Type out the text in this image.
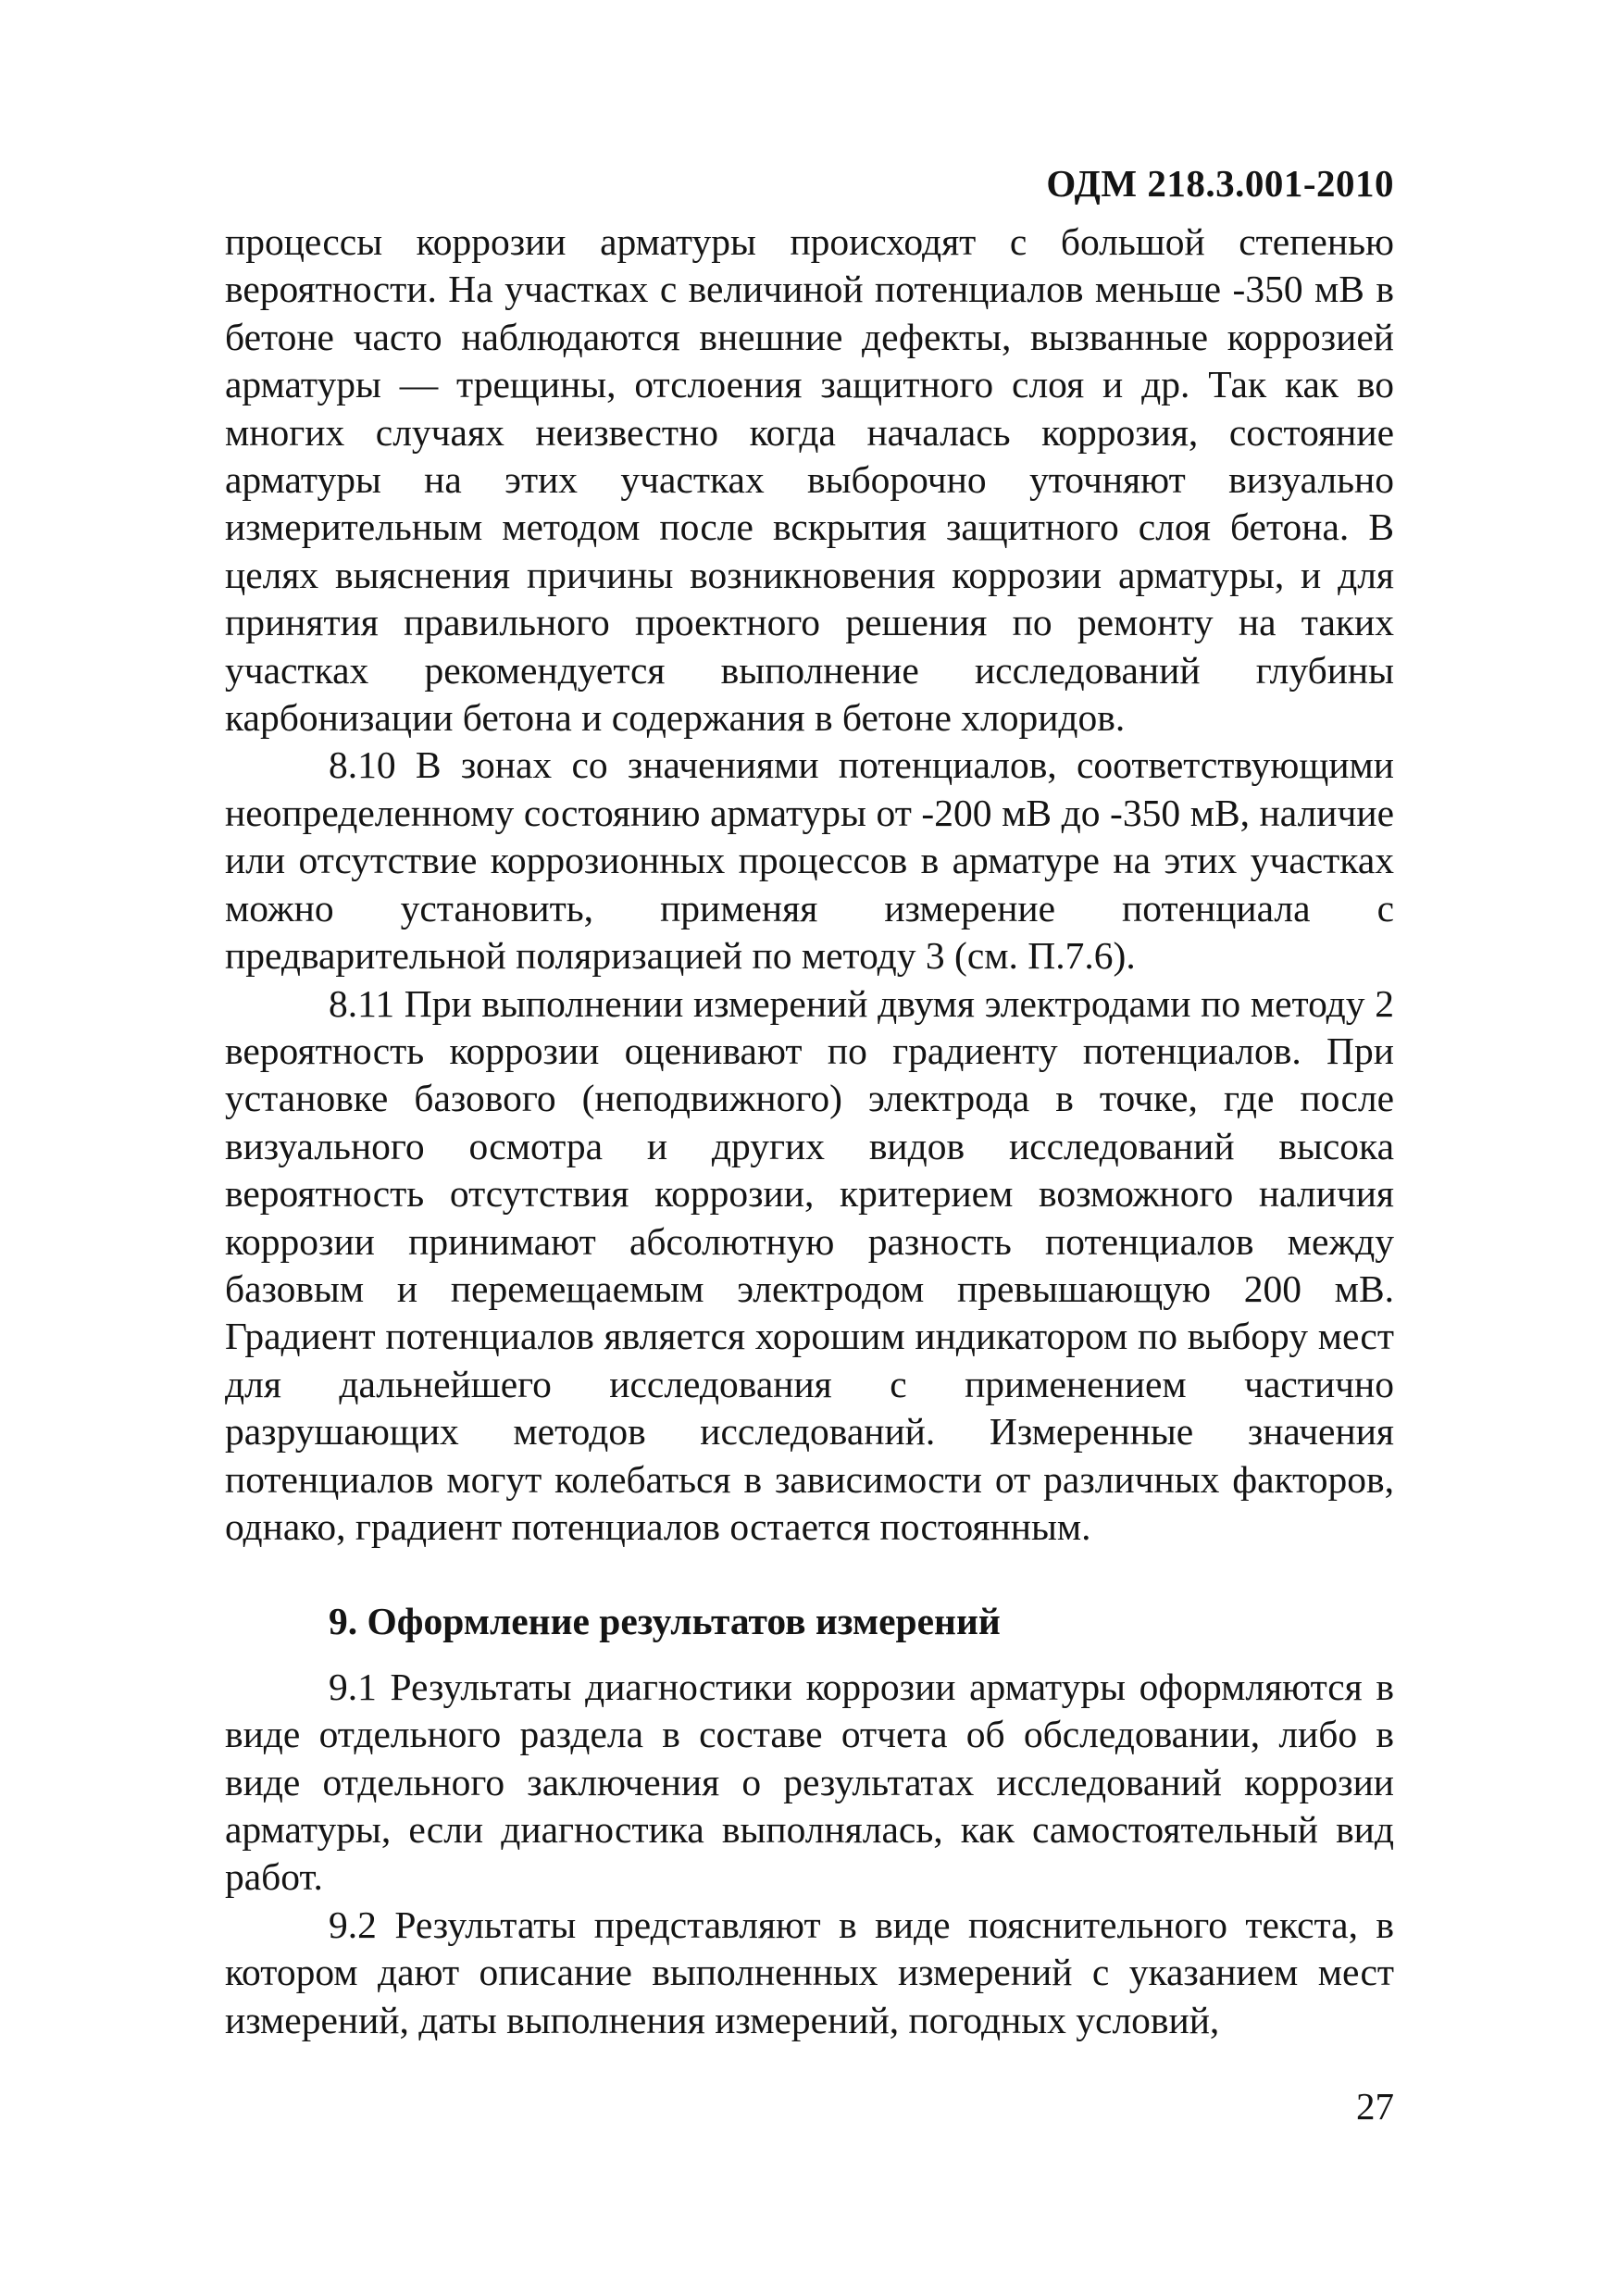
ОДМ 218.3.001-2010

процессы коррозии арматуры происходят с большой степенью вероятности. На участках с величиной потенциалов меньше -350 мВ в бетоне часто наблюдаются внешние дефекты, вызванные коррозией арматуры — трещины, отслоения защитного слоя и др. Так как во многих случаях неизвестно когда началась коррозия, состояние арматуры на этих участках выборочно уточняют визуально измерительным методом после вскрытия защитного слоя бетона. В целях выяснения причины возникновения коррозии арматуры, и для принятия правильного проектного решения по ремонту на таких участках рекомендуется выполнение исследований глубины карбонизации бетона и содержания в бетоне хлоридов.

8.10 В зонах со значениями потенциалов, соответствующими неопределенному состоянию арматуры от -200 мВ до -350 мВ, наличие или отсутствие коррозионных процессов в арматуре на этих участках можно установить, применяя измерение потенциала с предварительной поляризацией по методу 3 (см. П.7.6).

8.11 При выполнении измерений двумя электродами по методу 2 вероятность коррозии оценивают по градиенту потенциалов. При установке базового (неподвижного) электрода в точке, где после визуального осмотра и других видов исследований высока вероятность отсутствия коррозии, критерием возможного наличия коррозии принимают абсолютную разность потенциалов между базовым и перемещаемым электродом превышающую 200 мВ. Градиент потенциалов является хорошим индикатором по выбору мест для дальнейшего исследования с применением частично разрушающих методов исследований. Измеренные значения потенциалов могут колебаться в зависимости от различных факторов, однако, градиент потенциалов остается постоянным.

9. Оформление результатов измерений

9.1 Результаты диагностики коррозии арматуры оформляются в виде отдельного раздела в составе отчета об обследовании, либо в виде отдельного заключения о результатах исследований коррозии арматуры, если диагностика выполнялась, как самостоятельный вид работ.

9.2 Результаты представляют в виде пояснительного текста, в котором дают описание выполненных измерений с указанием мест измерений, даты выполнения измерений, погодных условий,

27
